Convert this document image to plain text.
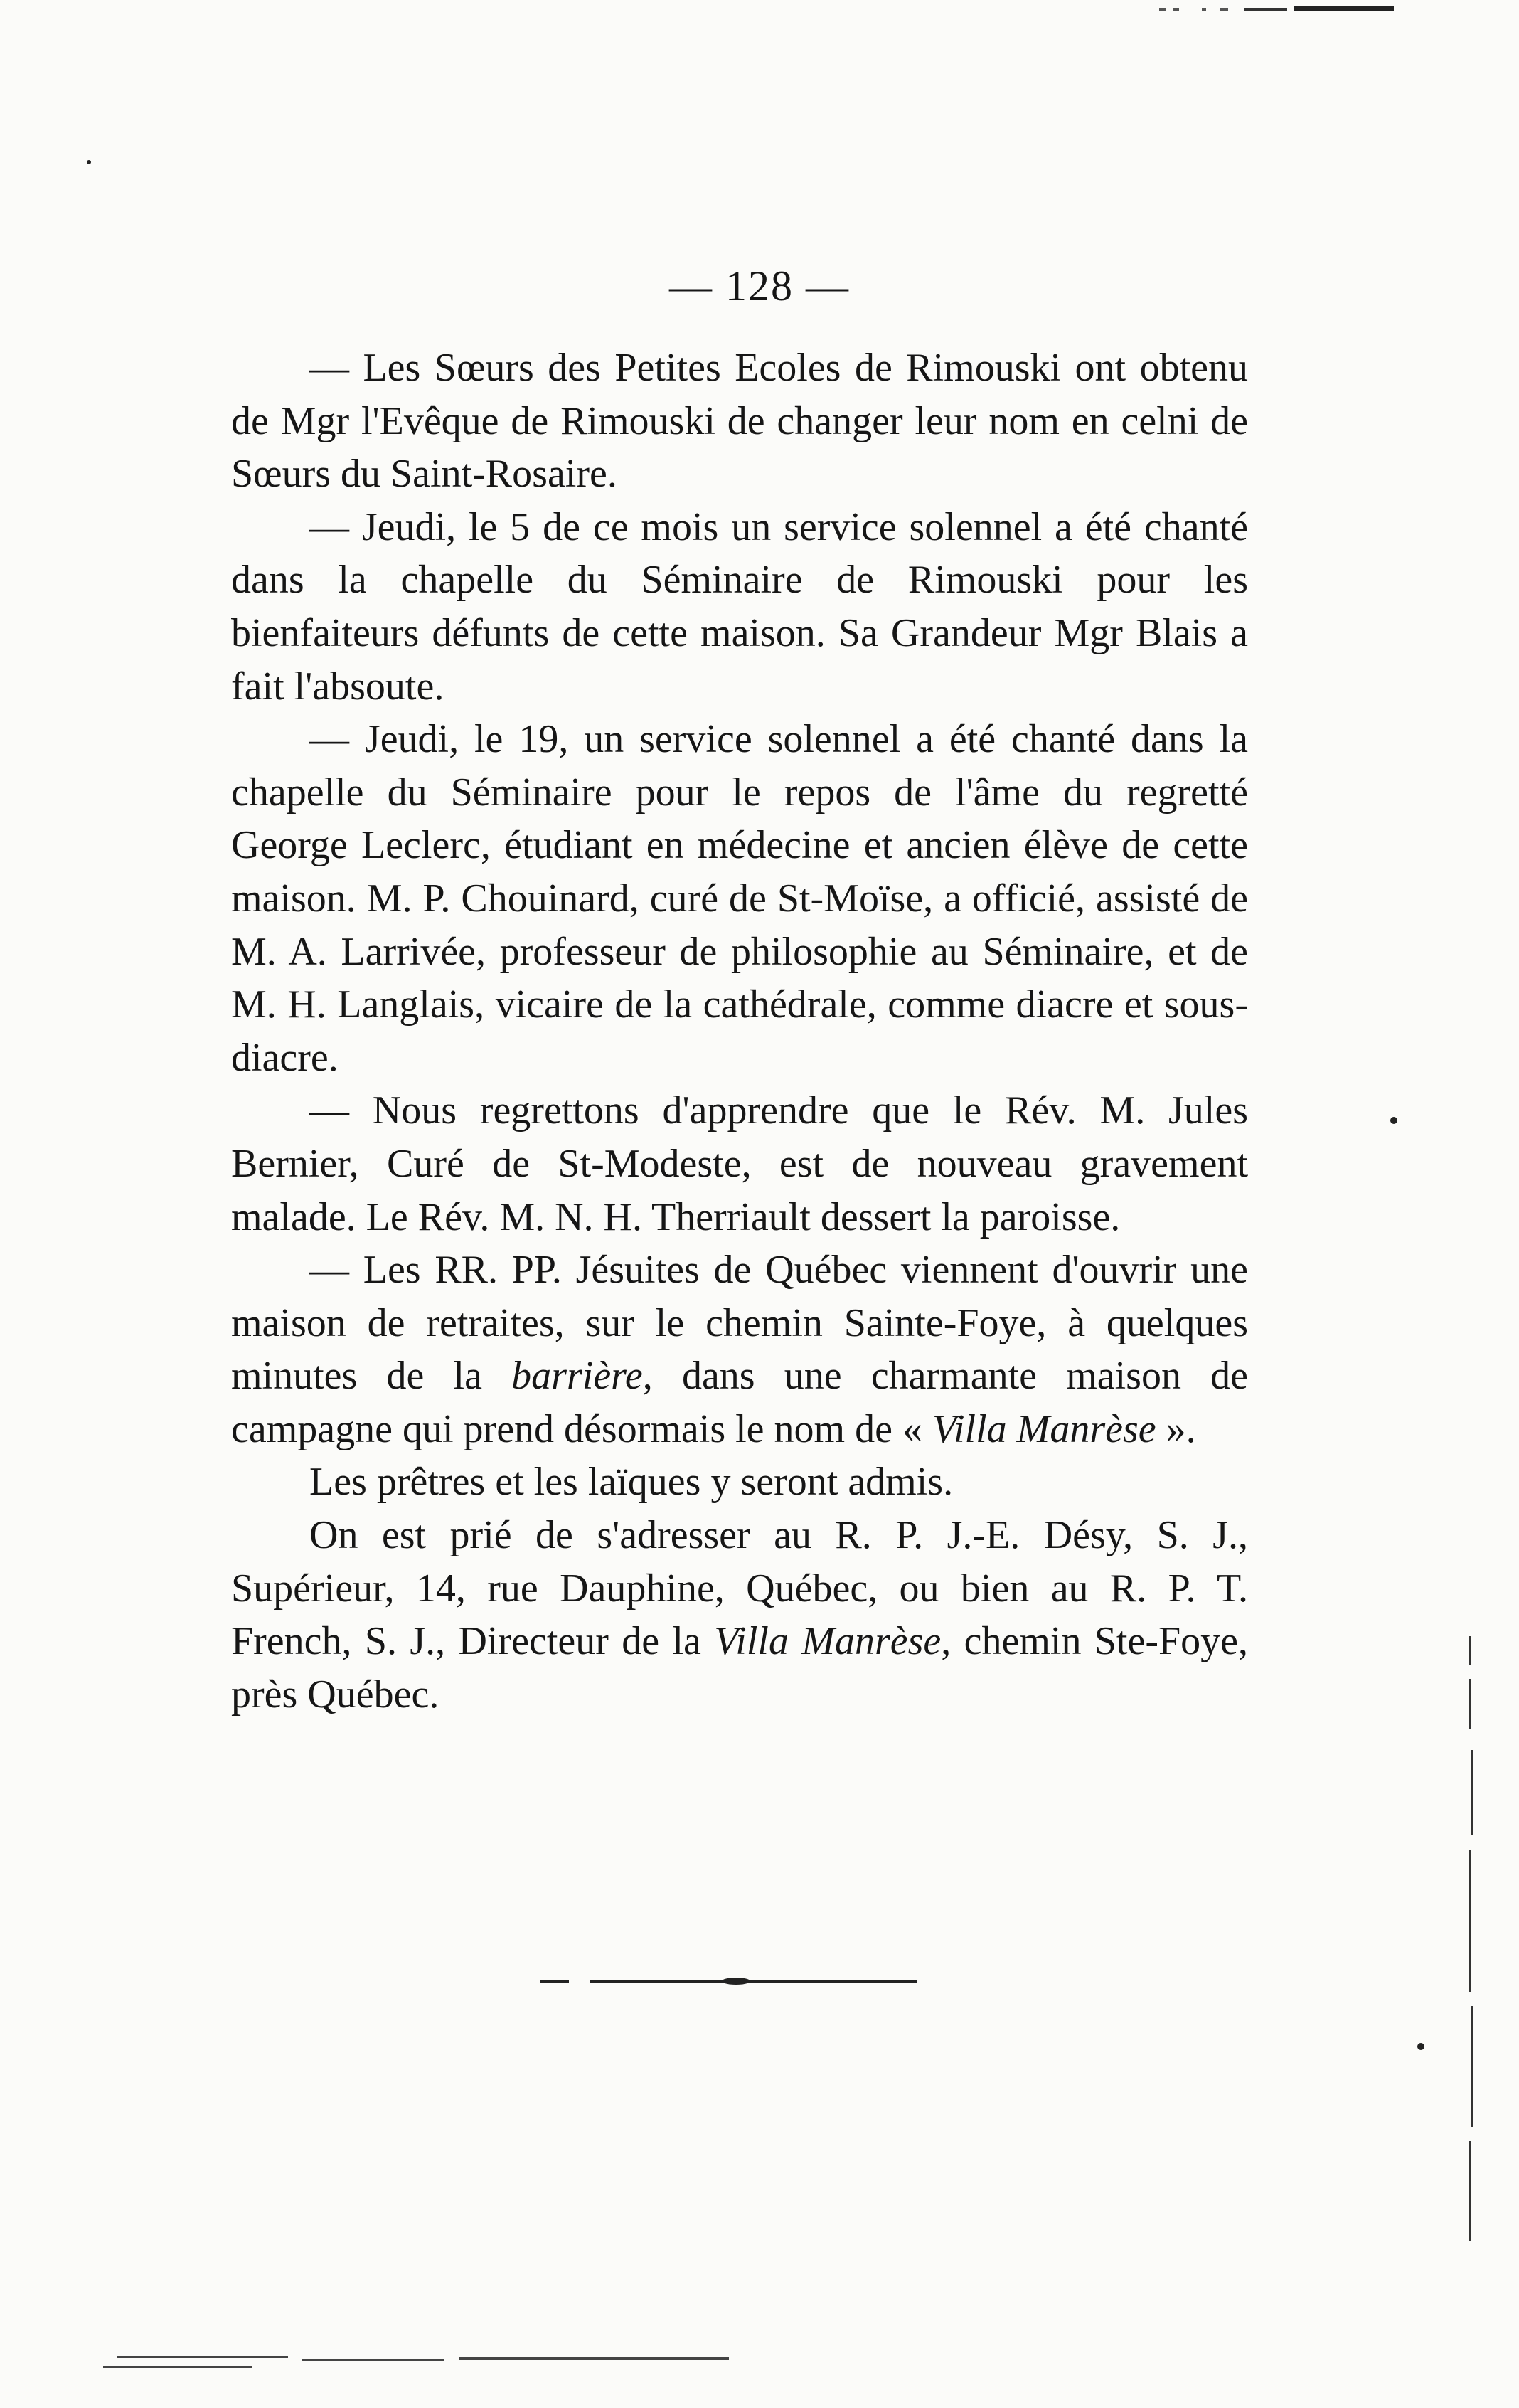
— 128 —

— Les Sœurs des Petites Ecoles de Rimouski ont obtenu de Mgr l'Evêque de Rimouski de changer leur nom en celni de Sœurs du Saint-Rosaire.

— Jeudi, le 5 de ce mois un service solennel a été chanté dans la chapelle du Séminaire de Rimouski pour les bienfaiteurs défunts de cette maison. Sa Grandeur Mgr Blais a fait l'absoute.

— Jeudi, le 19, un service solennel a été chanté dans la chapelle du Séminaire pour le repos de l'âme du regretté George Leclerc, étudiant en médecine et ancien élève de cette maison. M. P. Chouinard, curé de St-Moïse, a officié, assisté de M. A. Larrivée, professeur de philosophie au Séminaire, et de M. H. Langlais, vicaire de la cathédrale, comme diacre et sous-diacre.

— Nous regrettons d'apprendre que le Rév. M. Jules Bernier, Curé de St-Modeste, est de nouveau gravement malade. Le Rév. M. N. H. Therriault dessert la paroisse.

— Les RR. PP. Jésuites de Québec viennent d'ouvrir une maison de retraites, sur le chemin Sainte-Foye, à quelques minutes de la barrière, dans une charmante maison de campagne qui prend désormais le nom de « Villa Manrèse ».

Les prêtres et les laïques y seront admis.

On est prié de s'adresser au R. P. J.-E. Désy, S. J., Supérieur, 14, rue Dauphine, Québec, ou bien au R. P. T. French, S. J., Directeur de la Villa Manrèse, chemin Ste-Foye, près Québec.
